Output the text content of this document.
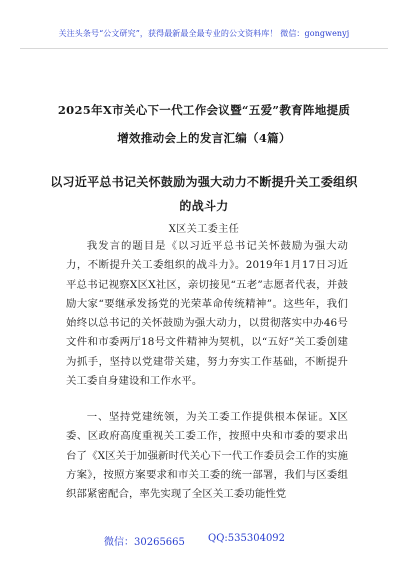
关注头条号“公文研究”，获得最新最全最专业的公文资料库！ 微信：gongwenyj
2025年X市关心下一代工作会议暨“五爱”教育阵地提质
增效推动会上的发言汇编（4篇）
以习近平总书记关怀鼓励为强大动力不断提升关工委组织
的战斗力
X区关工委主任

我发言的题目是《以习近平总书记关怀鼓励为强大动力，不断提升关工委组织的战斗力》。2019年1月17日习近平总书记视察X区X社区，亲切接见“五老”志愿者代表，并鼓励大家“要继承发扬党的光荣革命传统精神”。这些年，我们始终以总书记的关怀鼓励为强大动力，以贯彻落实中办46号文件和市委两厅18号文件精神为契机，以“五好”关工委创建为抓手，坚持以党建带关建，努力夯实工作基础，不断提升关工委自身建设和工作水平。

一、坚持党建统领，为关工委工作提供根本保证。X区委、区政府高度重视关工委工作，按照中央和市委的要求出台了《X区关于加强新时代关心下一代工作委员会工作的实施方案》，按照方案要求和市关工委的统一部署，我们与区委组织部紧密配合，率先实现了全区关工委功能性党

微信：30265665 QQ:535304092
